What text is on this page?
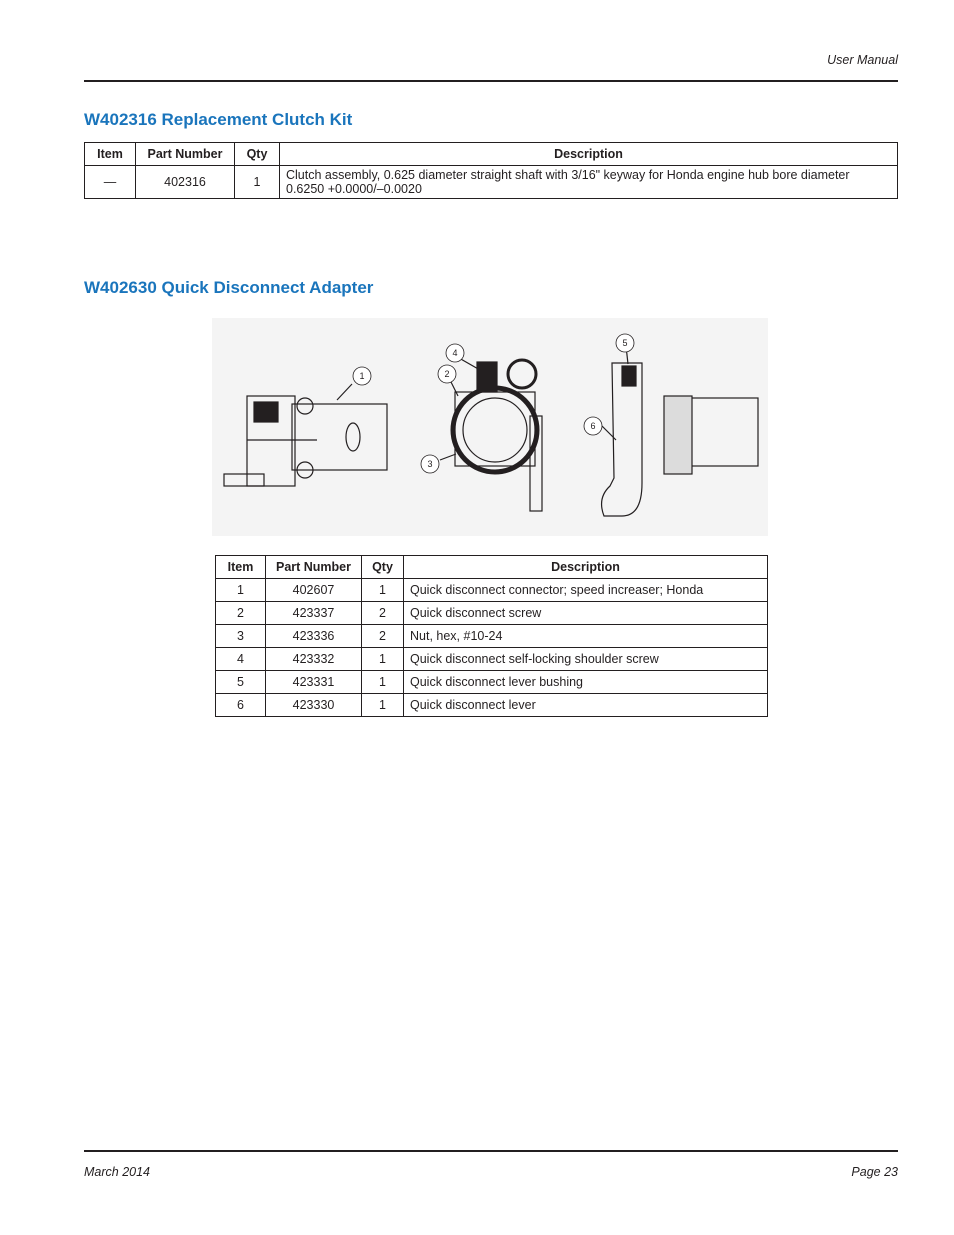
User Manual
W402316 Replacement Clutch Kit
Item	Part Number	Qty	Description
—	402316	1	Clutch assembly, 0.625 diameter straight shaft with 3/16" keyway for Honda engine hub bore diameter 0.6250 +0.0000/–0.0020
W402630 Quick Disconnect Adapter
1	2
3
4
5
6
Item	Part Number	Qty	Description
1	402607	1	Quick disconnect connector; speed increaser; Honda
2	423337	2	Quick disconnect screw
3	423336	2	Nut, hex, #10-24
4	423332	1	Quick disconnect self-locking shoulder screw
5	423331	1	Quick disconnect lever bushing
6	423330	1	Quick disconnect lever
March 2014	Page 23
